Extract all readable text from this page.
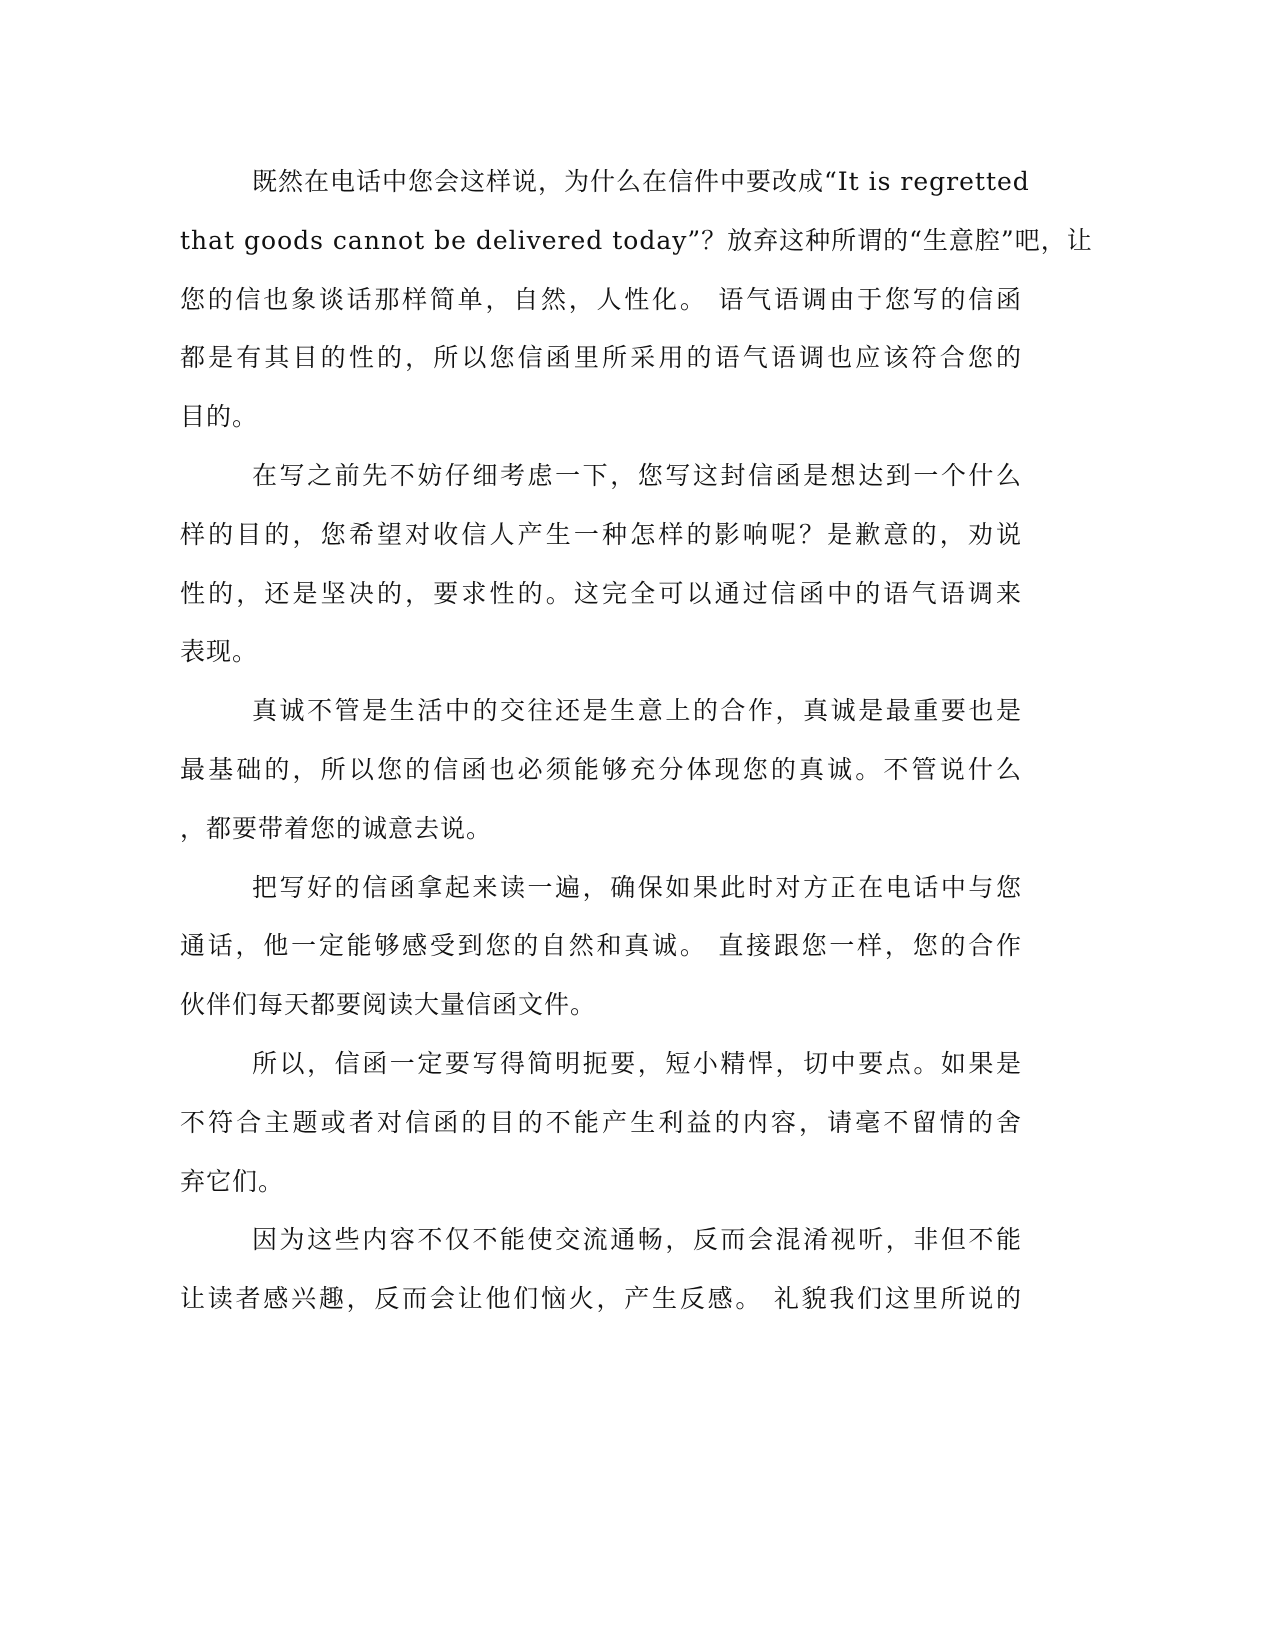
既然在电话中您会这样说，为什么在信件中要改成“It is regretted
that goods cannot be delivered today”？放弃这种所谓的“生意腔”吧，让
您的信也象谈话那样简单，自然，人性化。 语气语调由于您写的信函
都是有其目的性的，所以您信函里所采用的语气语调也应该符合您的
目的。
在写之前先不妨仔细考虑一下，您写这封信函是想达到一个什么
样的目的，您希望对收信人产生一种怎样的影响呢？是歉意的，劝说
性的，还是坚决的，要求性的。这完全可以通过信函中的语气语调来
表现。
真诚不管是生活中的交往还是生意上的合作，真诚是最重要也是
最基础的，所以您的信函也必须能够充分体现您的真诚。不管说什么
，都要带着您的诚意去说。
把写好的信函拿起来读一遍，确保如果此时对方正在电话中与您
通话，他一定能够感受到您的自然和真诚。 直接跟您一样，您的合作
伙伴们每天都要阅读大量信函文件。
所以，信函一定要写得简明扼要，短小精悍，切中要点。如果是
不符合主题或者对信函的目的不能产生利益的内容，请毫不留情的舍
弃它们。
因为这些内容不仅不能使交流通畅，反而会混淆视听，非但不能
让读者感兴趣，反而会让他们恼火，产生反感。 礼貌我们这里所说的
